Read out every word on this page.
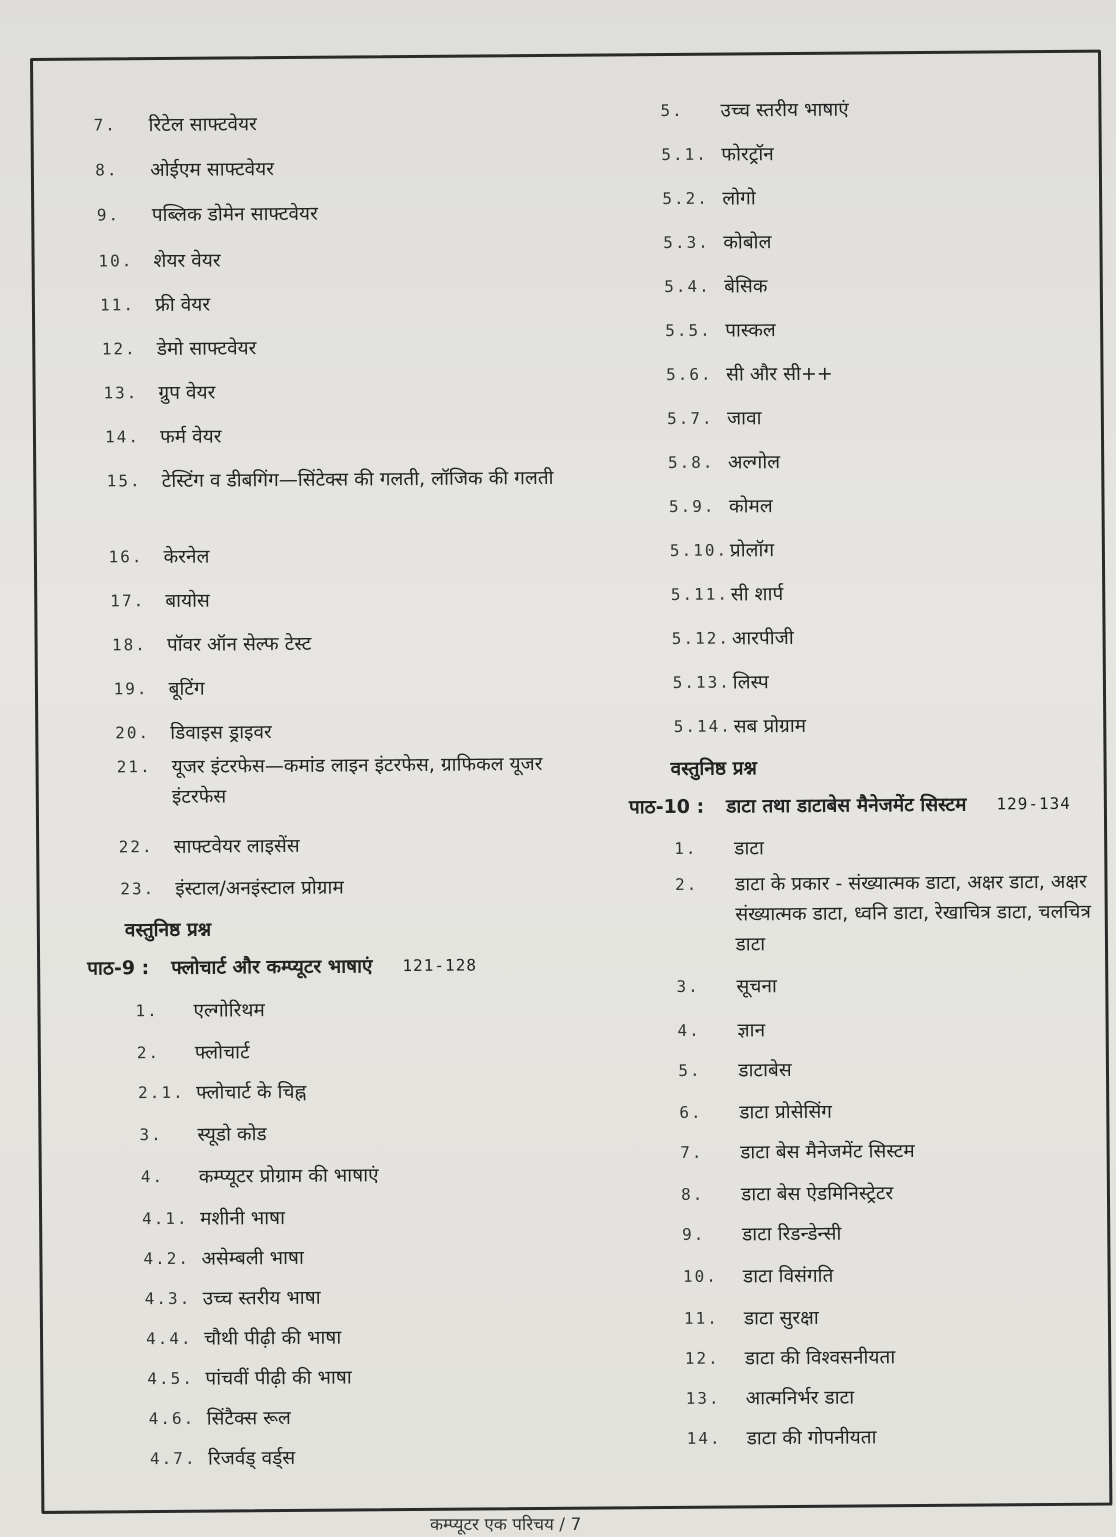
7.	रिटेल साफ्टवेयर
8.	ओईएम साफ्टवेयर
9.	पब्लिक डोमेन साफ्टवेयर
10.	शेयर वेयर
11.	फ्री वेयर
12.	डेमो साफ्टवेयर
13.	ग्रुप वेयर
14.	फर्म वेयर
15.	टेस्टिंग व डीबगिंग—सिंटेक्स की गलती, लॉजिक की गलती
16.	केरनेल
17.	बायोस
18.	पॉवर ऑन सेल्फ टेस्ट
19.	बूटिंग
20.	डिवाइस ड्राइवर
21.	यूजर इंटरफेस—कमांड लाइन इंटरफेस, ग्राफिकल यूजर इंटरफेस
22.	साफ्टवेयर लाइसेंस
23.	इंस्टाल/अनइंस्टाल प्रोग्राम
वस्तुनिष्ठ प्रश्न
पाठ-9 : फ्लोचार्ट और कम्प्यूटर भाषाएं 121-128
1.	एल्गोरिथम
2.	फ्लोचार्ट
2.1. फ्लोचार्ट के चिह्न
3.	स्यूडो कोड
4.	कम्प्यूटर प्रोग्राम की भाषाएं
4.1. मशीनी भाषा
4.2. असेम्बली भाषा
4.3. उच्च स्तरीय भाषा
4.4. चौथी पीढ़ी की भाषा
4.5. पांचवीं पीढ़ी की भाषा
4.6. सिंटैक्स रूल
4.7. रिजर्वड् वर्ड्स
5.	उच्च स्तरीय भाषाएं
5.1. फोरट्रॉन
5.2. लोगो
5.3. कोबोल
5.4. बेसिक
5.5. पास्कल
5.6. सी और सी++
5.7. जावा
5.8. अल्गोल
5.9. कोमल
5.10. प्रोलॉग
5.11. सी शार्प
5.12. आरपीजी
5.13. लिस्प
5.14. सब प्रोग्राम
वस्तुनिष्ठ प्रश्न
पाठ-10 : डाटा तथा डाटाबेस मैनेजमेंट सिस्टम 129-134
1.	डाटा
2.	डाटा के प्रकार - संख्यात्मक डाटा, अक्षर डाटा, अक्षर संख्यात्मक डाटा, ध्वनि डाटा, रेखाचित्र डाटा, चलचित्र डाटा
3.	सूचना
4.	ज्ञान
5.	डाटाबेस
6.	डाटा प्रोसेसिंग
7.	डाटा बेस मैनेजमेंट सिस्टम
8.	डाटा बेस ऐडमिनिस्ट्रेटर
9.	डाटा रिडन्डेन्सी
10.	डाटा विसंगति
11.	डाटा सुरक्षा
12.	डाटा की विश्वसनीयता
13.	आत्मनिर्भर डाटा
14.	डाटा की गोपनीयता
कम्प्यूटर एक परिचय / 7
